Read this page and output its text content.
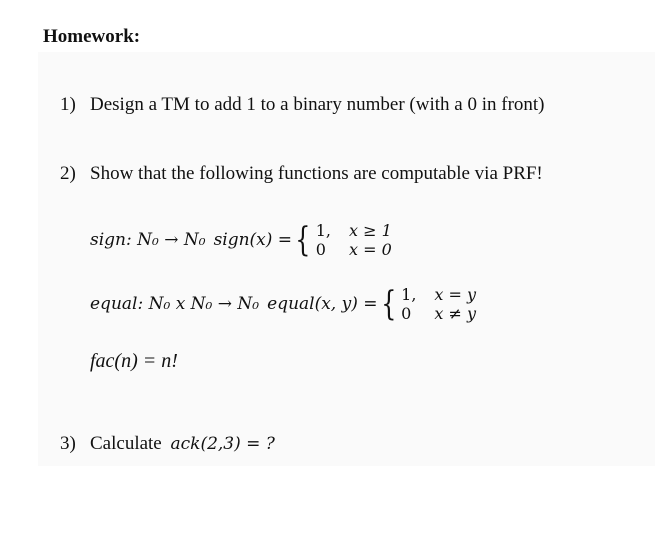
Homework:
1) Design a TM to add 1 to a binary number (with a 0 in front)
2) Show that the following functions are computable via PRF!
sign: N₀ → N₀ sign(x) = { 1, x ≥ 1
0	x = 0
equal: N₀ x N₀ → N₀ equal(x, y) = { 1, x = y
0	x ≠ y
fac(n) = n!
3) Calculate ack(2,3) = ?
